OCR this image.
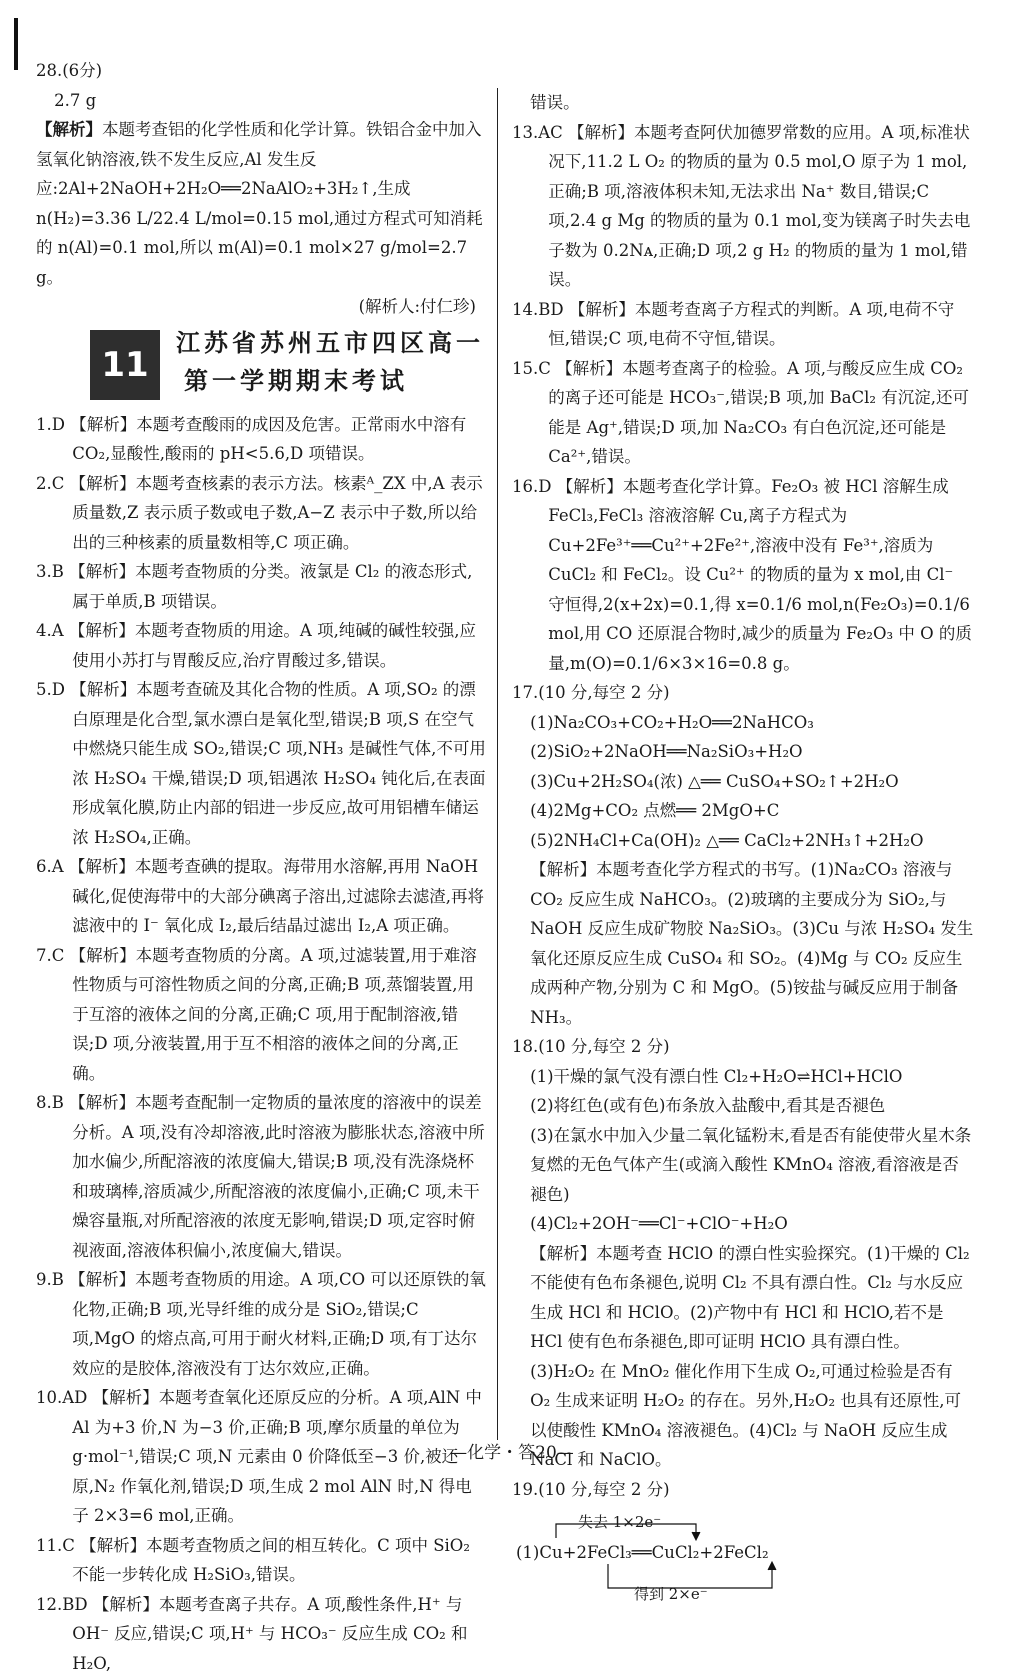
28.(6分)

2.7 g

【解析】本题考查铝的化学性质和化学计算。铁铝合金中加入氢氧化钠溶液,铁不发生反应,Al 发生反应:2Al+2NaOH+2H₂O══2NaAlO₂+3H₂↑,生成 n(H₂)=3.36 L/22.4 L/mol=0.15 mol,通过方程式可知消耗的 n(Al)=0.1 mol,所以 m(Al)=0.1 mol×27 g/mol=2.7 g。

(解析人:付仁珍)

11
江苏省苏州五市四区高一
第一学期期末考试

1.D 【解析】本题考查酸雨的成因及危害。正常雨水中溶有 CO₂,显酸性,酸雨的 pH<5.6,D 项错误。

2.C 【解析】本题考查核素的表示方法。核素ᴬ_ZX 中,A 表示质量数,Z 表示质子数或电子数,A−Z 表示中子数,所以给出的三种核素的质量数相等,C 项正确。

3.B 【解析】本题考查物质的分类。液氯是 Cl₂ 的液态形式,属于单质,B 项错误。

4.A 【解析】本题考查物质的用途。A 项,纯碱的碱性较强,应使用小苏打与胃酸反应,治疗胃酸过多,错误。

5.D 【解析】本题考查硫及其化合物的性质。A 项,SO₂ 的漂白原理是化合型,氯水漂白是氧化型,错误;B 项,S 在空气中燃烧只能生成 SO₂,错误;C 项,NH₃ 是碱性气体,不可用浓 H₂SO₄ 干燥,错误;D 项,铝遇浓 H₂SO₄ 钝化后,在表面形成氧化膜,防止内部的铝进一步反应,故可用铝槽车储运浓 H₂SO₄,正确。

6.A 【解析】本题考查碘的提取。海带用水溶解,再用 NaOH 碱化,促使海带中的大部分碘离子溶出,过滤除去滤渣,再将滤液中的 I⁻ 氧化成 I₂,最后结晶过滤出 I₂,A 项正确。

7.C 【解析】本题考查物质的分离。A 项,过滤装置,用于难溶性物质与可溶性物质之间的分离,正确;B 项,蒸馏装置,用于互溶的液体之间的分离,正确;C 项,用于配制溶液,错误;D 项,分液装置,用于互不相溶的液体之间的分离,正确。

8.B 【解析】本题考查配制一定物质的量浓度的溶液中的误差分析。A 项,没有冷却溶液,此时溶液为膨胀状态,溶液中所加水偏少,所配溶液的浓度偏大,错误;B 项,没有洗涤烧杯和玻璃棒,溶质减少,所配溶液的浓度偏小,正确;C 项,未干燥容量瓶,对所配溶液的浓度无影响,错误;D 项,定容时俯视液面,溶液体积偏小,浓度偏大,错误。

9.B 【解析】本题考查物质的用途。A 项,CO 可以还原铁的氧化物,正确;B 项,光导纤维的成分是 SiO₂,错误;C 项,MgO 的熔点高,可用于耐火材料,正确;D 项,有丁达尔效应的是胶体,溶液没有丁达尔效应,正确。

10.AD 【解析】本题考查氧化还原反应的分析。A 项,AlN 中 Al 为+3 价,N 为−3 价,正确;B 项,摩尔质量的单位为 g·mol⁻¹,错误;C 项,N 元素由 0 价降低至−3 价,被还原,N₂ 作氧化剂,错误;D 项,生成 2 mol AlN 时,N 得电子 2×3=6 mol,正确。

11.C 【解析】本题考查物质之间的相互转化。C 项中 SiO₂ 不能一步转化成 H₂SiO₃,错误。

12.BD 【解析】本题考查离子共存。A 项,酸性条件,H⁺ 与 OH⁻ 反应,错误;C 项,H⁺ 与 HCO₃⁻ 反应生成 CO₂ 和 H₂O,

错误。

13.AC 【解析】本题考查阿伏加德罗常数的应用。A 项,标准状况下,11.2 L O₂ 的物质的量为 0.5 mol,O 原子为 1 mol,正确;B 项,溶液体积未知,无法求出 Na⁺ 数目,错误;C 项,2.4 g Mg 的物质的量为 0.1 mol,变为镁离子时失去电子数为 0.2Nᴀ,正确;D 项,2 g H₂ 的物质的量为 1 mol,错误。

14.BD 【解析】本题考查离子方程式的判断。A 项,电荷不守恒,错误;C 项,电荷不守恒,错误。

15.C 【解析】本题考查离子的检验。A 项,与酸反应生成 CO₂ 的离子还可能是 HCO₃⁻,错误;B 项,加 BaCl₂ 有沉淀,还可能是 Ag⁺,错误;D 项,加 Na₂CO₃ 有白色沉淀,还可能是 Ca²⁺,错误。

16.D 【解析】本题考查化学计算。Fe₂O₃ 被 HCl 溶解生成 FeCl₃,FeCl₃ 溶液溶解 Cu,离子方程式为 Cu+2Fe³⁺══Cu²⁺+2Fe²⁺,溶液中没有 Fe³⁺,溶质为 CuCl₂ 和 FeCl₂。设 Cu²⁺ 的物质的量为 x mol,由 Cl⁻ 守恒得,2(x+2x)=0.1,得 x=0.1/6 mol,n(Fe₂O₃)=0.1/6 mol,用 CO 还原混合物时,减少的质量为 Fe₂O₃ 中 O 的质量,m(O)=0.1/6×3×16=0.8 g。

17.(10 分,每空 2 分)

(1)Na₂CO₃+CO₂+H₂O══2NaHCO₃

(2)SiO₂+2NaOH══Na₂SiO₃+H₂O

(3)Cu+2H₂SO₄(浓) △══ CuSO₄+SO₂↑+2H₂O

(4)2Mg+CO₂ 点燃══ 2MgO+C

(5)2NH₄Cl+Ca(OH)₂ △══ CaCl₂+2NH₃↑+2H₂O

【解析】本题考查化学方程式的书写。(1)Na₂CO₃ 溶液与 CO₂ 反应生成 NaHCO₃。(2)玻璃的主要成分为 SiO₂,与 NaOH 反应生成矿物胶 Na₂SiO₃。(3)Cu 与浓 H₂SO₄ 发生氧化还原反应生成 CuSO₄ 和 SO₂。(4)Mg 与 CO₂ 反应生成两种产物,分别为 C 和 MgO。(5)铵盐与碱反应用于制备 NH₃。

18.(10 分,每空 2 分)

(1)干燥的氯气没有漂白性 Cl₂+H₂O⇌HCl+HClO

(2)将红色(或有色)布条放入盐酸中,看其是否褪色

(3)在氯水中加入少量二氧化锰粉末,看是否有能使带火星木条复燃的无色气体产生(或滴入酸性 KMnO₄ 溶液,看溶液是否褪色)

(4)Cl₂+2OH⁻══Cl⁻+ClO⁻+H₂O

【解析】本题考查 HClO 的漂白性实验探究。(1)干燥的 Cl₂ 不能使有色布条褪色,说明 Cl₂ 不具有漂白性。Cl₂ 与水反应生成 HCl 和 HClO。(2)产物中有 HCl 和 HClO,若不是 HCl 使有色布条褪色,即可证明 HClO 具有漂白性。(3)H₂O₂ 在 MnO₂ 催化作用下生成 O₂,可通过检验是否有 O₂ 生成来证明 H₂O₂ 的存在。另外,H₂O₂ 也具有还原性,可以使酸性 KMnO₄ 溶液褪色。(4)Cl₂ 与 NaOH 反应生成 NaCl 和 NaClO。

19.(10 分,每空 2 分)

失去 1×2e⁻
(1)Cu+2FeCl₃══CuCl₂+2FeCl₂
得到 2×e⁻
—化学・答20—
